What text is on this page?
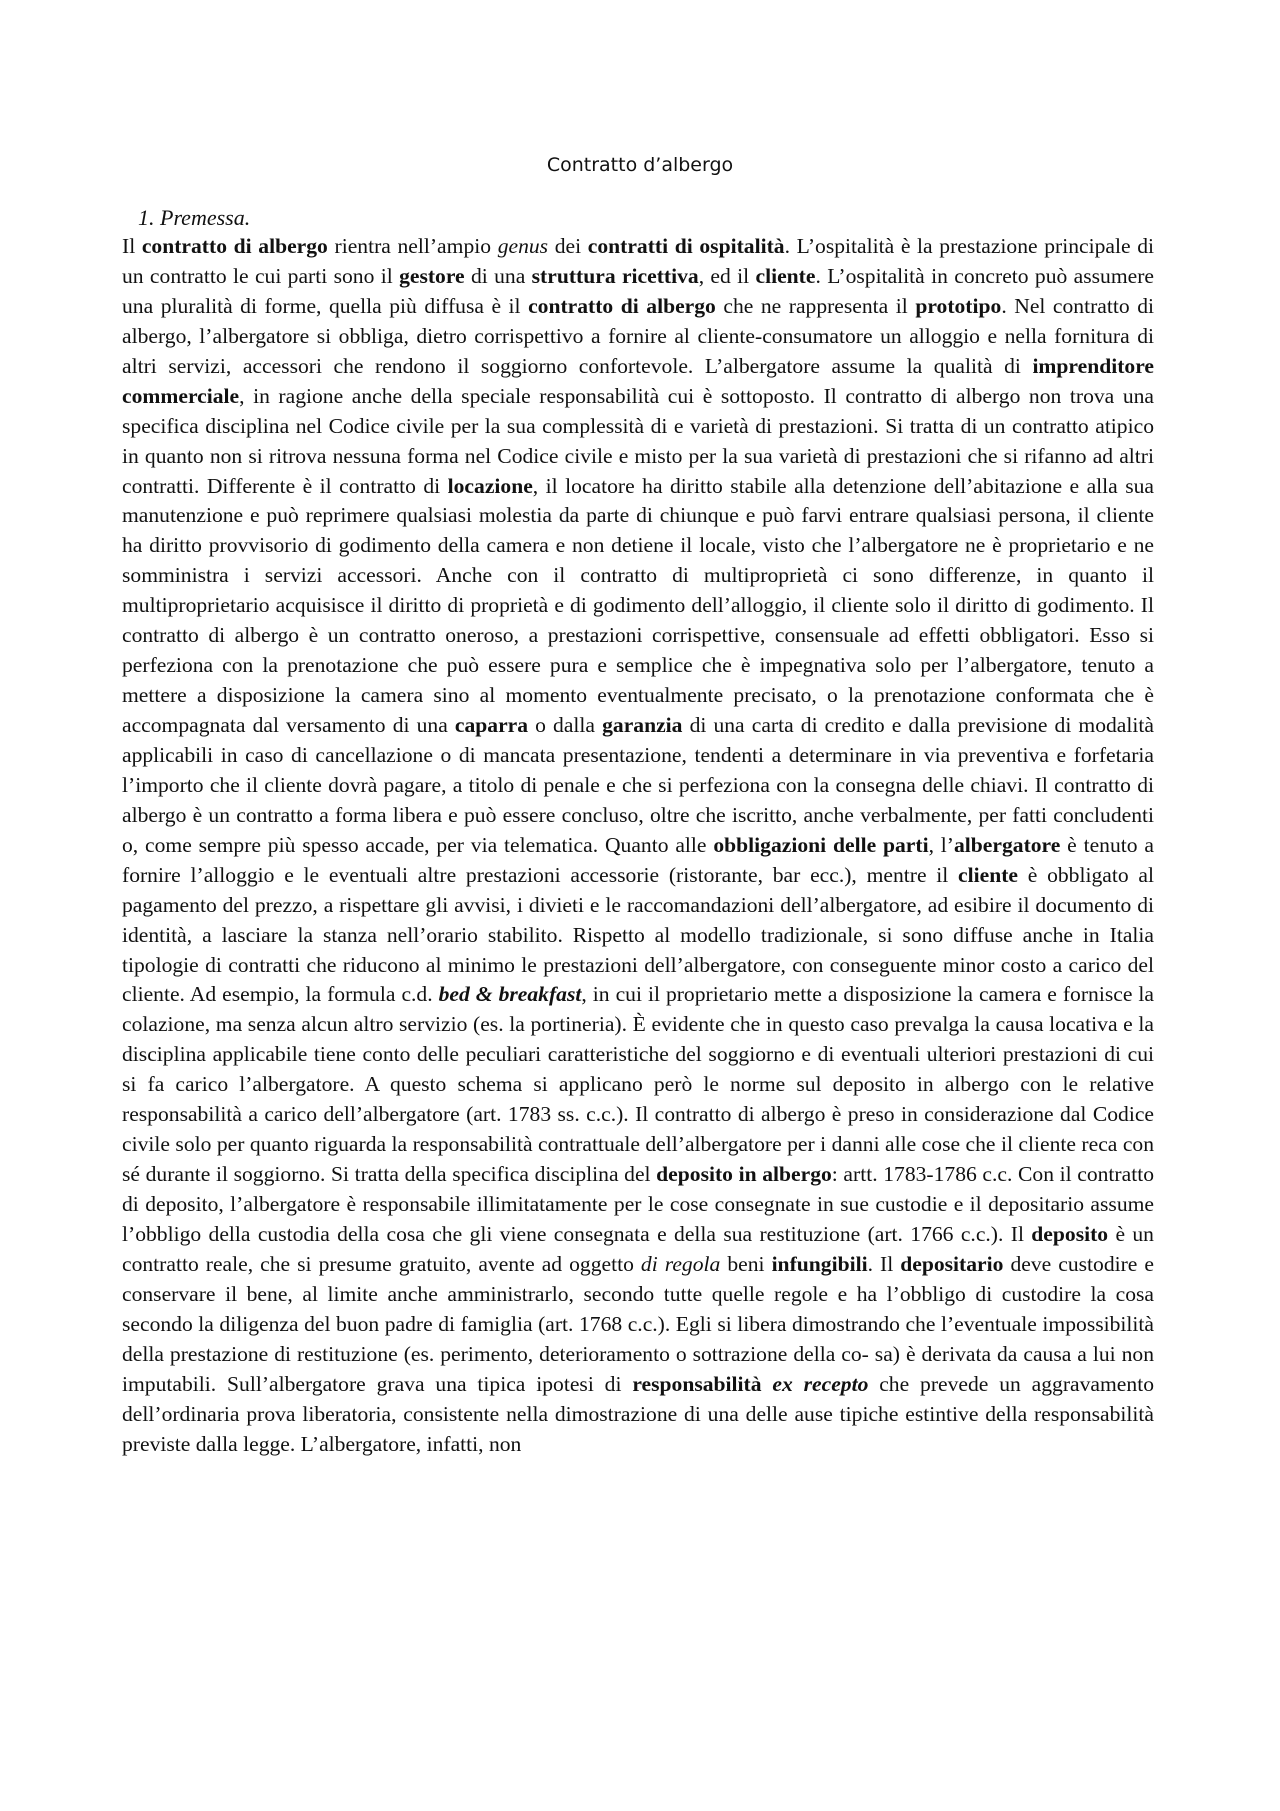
Contratto d’albergo
1. Premessa.

Il contratto di albergo rientra nell’ampio genus dei contratti di ospitalità. L’ospitalità è la prestazione principale di un contratto le cui parti sono il gestore di una struttura ricettiva, ed il cliente. L’ospitalità in concreto può assumere una pluralità di forme, quella più diffusa è il contratto di albergo che ne rappresenta il prototipo. Nel contratto di albergo, l’albergatore si obbliga, dietro corrispettivo a fornire al cliente-consumatore un alloggio e nella fornitura di altri servizi, accessori che rendono il soggiorno confortevole. L’albergatore assume la qualità di imprenditore commerciale, in ragione anche della speciale responsabilità cui è sottoposto. Il contratto di albergo non trova una specifica disciplina nel Codice civile per la sua complessità di e varietà di prestazioni. Si tratta di un contratto atipico in quanto non si ritrova nessuna forma nel Codice civile e misto per la sua varietà di prestazioni che si rifanno ad altri contratti. Differente è il contratto di locazione, il locatore ha diritto stabile alla detenzione dell’abitazione e alla sua manutenzione e può reprimere qualsiasi molestia da parte di chiunque e può farvi entrare qualsiasi persona, il cliente ha diritto provvisorio di godimento della camera e non detiene il locale, visto che l’albergatore ne è proprietario e ne somministra i servizi accessori. Anche con il contratto di multiproprietà ci sono differenze, in quanto il multiproprietario acquisisce il diritto di proprietà e di godimento dell’alloggio, il cliente solo il diritto di godimento. Il contratto di albergo è un contratto oneroso, a prestazioni corrispettive, consensuale ad effetti obbligatori. Esso si perfeziona con la prenotazione che può essere pura e semplice che è impegnativa solo per l’albergatore, tenuto a mettere a disposizione la camera sino al momento eventualmente precisato, o la prenotazione conformata che è accompagnata dal versamento di una caparra o dalla garanzia di una carta di credito e dalla previsione di modalità applicabili in caso di cancellazione o di mancata presentazione, tendenti a determinare in via preventiva e forfetaria l’importo che il cliente dovrà pagare, a titolo di penale e che si perfeziona con la consegna delle chiavi. Il contratto di albergo è un contratto a forma libera e può essere concluso, oltre che iscritto, anche verbalmente, per fatti concludenti o, come sempre più spesso accade, per via telematica. Quanto alle obbligazioni delle parti, l’albergatore è tenuto a fornire l’alloggio e le eventuali altre prestazioni accessorie (ristorante, bar ecc.), mentre il cliente è obbligato al pagamento del prezzo, a rispettare gli avvisi, i divieti e le raccomandazioni dell’albergatore, ad esibire il documento di identità, a lasciare la stanza nell’orario stabilito. Rispetto al modello tradizionale, si sono diffuse anche in Italia tipologie di contratti che riducono al minimo le prestazioni dell’albergatore, con conseguente minor costo a carico del cliente. Ad esempio, la formula c.d. bed & breakfast, in cui il proprietario mette a disposizione la camera e fornisce la colazione, ma senza alcun altro servizio (es. la portineria). È evidente che in questo caso prevalga la causa locativa e la disciplina applicabile tiene conto delle peculiari caratteristiche del soggiorno e di eventuali ulteriori prestazioni di cui si fa carico l’albergatore. A questo schema si applicano però le norme sul deposito in albergo con le relative responsabilità a carico dell’albergatore (art. 1783 ss. c.c.). Il contratto di albergo è preso in considerazione dal Codice civile solo per quanto riguarda la responsabilità contrattuale dell’albergatore per i danni alle cose che il cliente reca con sé durante il soggiorno. Si tratta della specifica disciplina del deposito in albergo: artt. 1783-1786 c.c. Con il contratto di deposito, l’albergatore è responsabile illimitatamente per le cose consegnate in sue custodie e il depositario assume l’obbligo della custodia della cosa che gli viene consegnata e della sua restituzione (art. 1766 c.c.). Il deposito è un contratto reale, che si presume gratuito, avente ad oggetto di regola beni infungibili. Il depositario deve custodire e conservare il bene, al limite anche amministrarlo, secondo tutte quelle regole e ha l’obbligo di custodire la cosa secondo la diligenza del buon padre di famiglia (art. 1768 c.c.). Egli si libera dimostrando che l’eventuale impossibilità della prestazione di restituzione (es. perimento, deterioramento o sottrazione della co- sa) è derivata da causa a lui non imputabili. Sull’albergatore grava una tipica ipotesi di responsabilità ex recepto che prevede un aggravamento dell’ordinaria prova liberatoria, consistente nella dimostrazione di una delle ause tipiche estintive della responsabilità previste dalla legge. L’albergatore, infatti, non
